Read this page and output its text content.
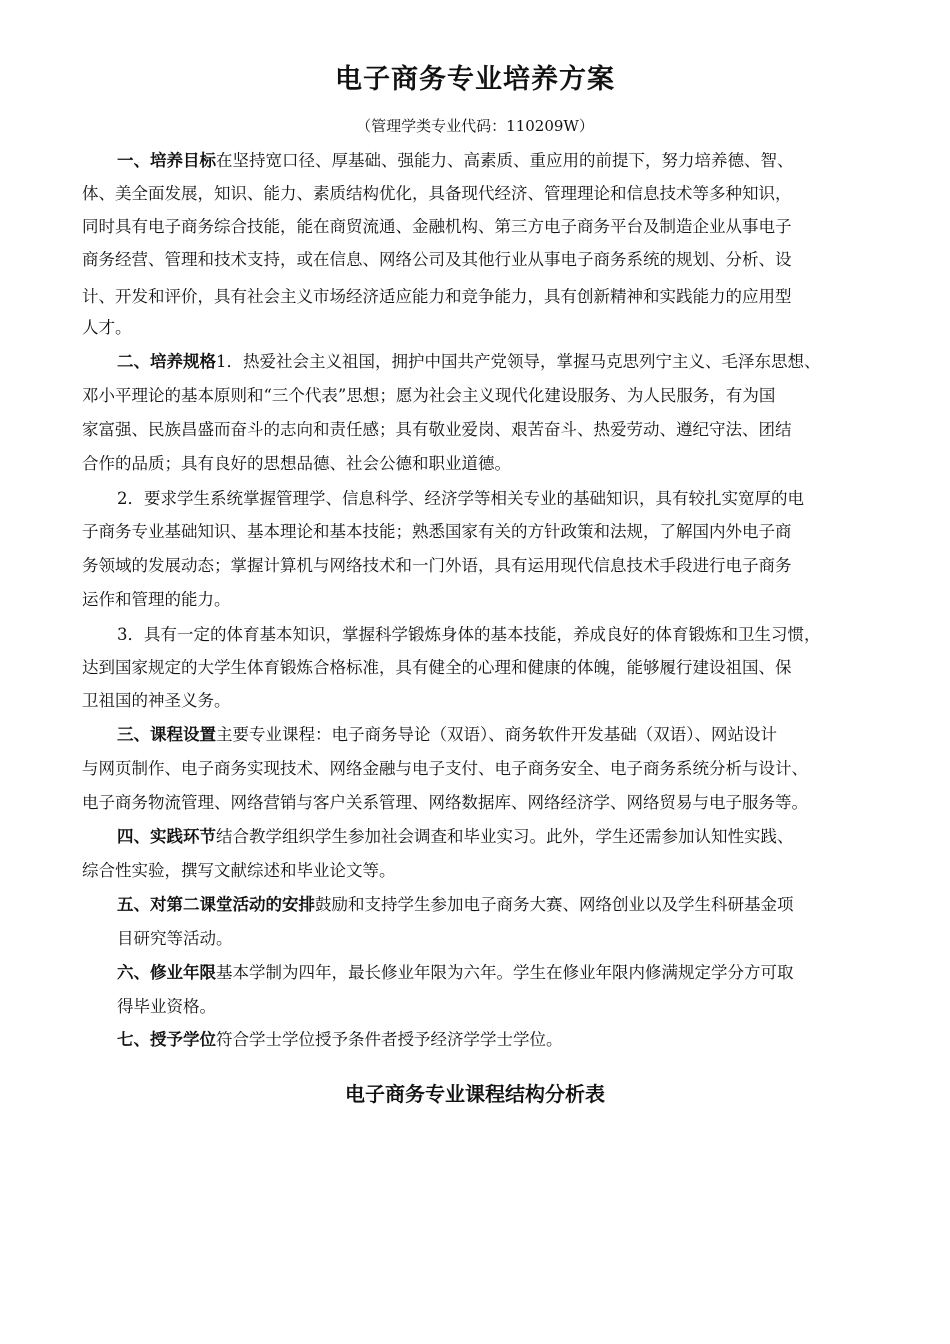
电子商务专业培养方案
（管理学类专业代码：110209W）
一、培养目标在坚持宽口径、厚基础、强能力、高素质、重应用的前提下，努力培养德、智、
体、美全面发展，知识、能力、素质结构优化，具备现代经济、管理理论和信息技术等多种知识，
同时具有电子商务综合技能，能在商贸流通、金融机构、第三方电子商务平台及制造企业从事电子
商务经营、管理和技术支持，或在信息、网络公司及其他行业从事电子商务系统的规划、分析、设
计、开发和评价，具有社会主义市场经济适应能力和竞争能力，具有创新精神和实践能力的应用型
人才。
二、培养规格1．热爱社会主义祖国，拥护中国共产党领导，掌握马克思列宁主义、毛泽东思想、
邓小平理论的基本原则和“三个代表”思想；愿为社会主义现代化建设服务、为人民服务，有为国
家富强、民族昌盛而奋斗的志向和责任感；具有敬业爱岗、艰苦奋斗、热爱劳动、遵纪守法、团结
合作的品质；具有良好的思想品德、社会公德和职业道德。
2．要求学生系统掌握管理学、信息科学、经济学等相关专业的基础知识，具有较扎实宽厚的电
子商务专业基础知识、基本理论和基本技能；熟悉国家有关的方针政策和法规，了解国内外电子商
务领域的发展动态；掌握计算机与网络技术和一门外语，具有运用现代信息技术手段进行电子商务
运作和管理的能力。
3．具有一定的体育基本知识，掌握科学锻炼身体的基本技能，养成良好的体育锻炼和卫生习惯，
达到国家规定的大学生体育锻炼合格标准，具有健全的心理和健康的体魄，能够履行建设祖国、保
卫祖国的神圣义务。
三、课程设置主要专业课程：电子商务导论（双语）、商务软件开发基础（双语）、网站设计
与网页制作、电子商务实现技术、网络金融与电子支付、电子商务安全、电子商务系统分析与设计、
电子商务物流管理、网络营销与客户关系管理、网络数据库、网络经济学、网络贸易与电子服务等。
四、实践环节结合教学组织学生参加社会调查和毕业实习。此外，学生还需参加认知性实践、
综合性实验，撰写文献综述和毕业论文等。
五、对第二课堂活动的安排鼓励和支持学生参加电子商务大赛、网络创业以及学生科研基金项
目研究等活动。
六、修业年限基本学制为四年，最长修业年限为六年。学生在修业年限内修满规定学分方可取
得毕业资格。
七、授予学位符合学士学位授予条件者授予经济学学士学位。
电子商务专业课程结构分析表
